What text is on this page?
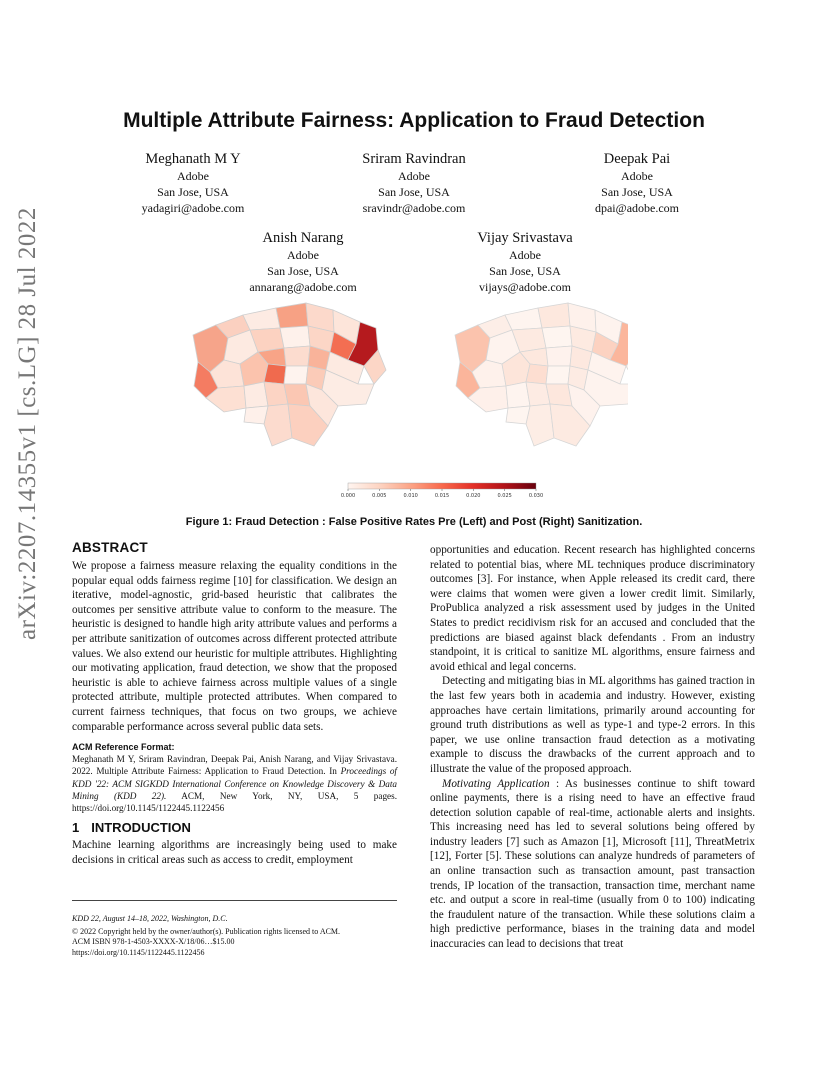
arXiv:2207.14355v1 [cs.LG] 28 Jul 2022
Multiple Attribute Fairness: Application to Fraud Detection
Meghanath M Y
Adobe
San Jose, USA
yadagiri@adobe.com
Sriram Ravindran
Adobe
San Jose, USA
sravindr@adobe.com
Deepak Pai
Adobe
San Jose, USA
dpai@adobe.com
Anish Narang
Adobe
San Jose, USA
annarang@adobe.com
Vijay Srivastava
Adobe
San Jose, USA
vijays@adobe.com
0.000	0.005	0.010	0.015	0.020	0.025	0.030
Figure 1: Fraud Detection : False Positive Rates Pre (Left) and Post (Right) Sanitization.
ABSTRACT

We propose a fairness measure relaxing the equality conditions in the popular equal odds fairness regime [10] for classification. We design an iterative, model-agnostic, grid-based heuristic that calibrates the outcomes per sensitive attribute value to conform to the measure. The heuristic is designed to handle high arity attribute values and performs a per attribute sanitization of outcomes across different protected attribute values. We also extend our heuristic for multiple attributes. Highlighting our motivating application, fraud detection, we show that the proposed heuristic is able to achieve fairness across multiple values of a single protected attribute, multiple protected attributes. When compared to current fairness techniques, that focus on two groups, we achieve comparable performance across several public data sets.

ACM Reference Format:

Meghanath M Y, Sriram Ravindran, Deepak Pai, Anish Narang, and Vijay Srivastava. 2022. Multiple Attribute Fairness: Application to Fraud Detection. In Proceedings of KDD '22: ACM SIGKDD International Conference on Knowledge Discovery & Data Mining (KDD 22). ACM, New York, NY, USA, 5 pages. https://doi.org/10.1145/1122445.1122456

1 INTRODUCTION

Machine learning algorithms are increasingly being used to make decisions in critical areas such as access to credit, employment

KDD 22, August 14–18, 2022, Washington, D.C.
© 2022 Copyright held by the owner/author(s). Publication rights licensed to ACM.
ACM ISBN 978-1-4503-XXXX-X/18/06…$15.00
https://doi.org/10.1145/1122445.1122456

opportunities and education. Recent research has highlighted concerns related to potential bias, where ML techniques produce discriminatory outcomes [3]. For instance, when Apple released its credit card, there were claims that women were given a lower credit limit. Similarly, ProPublica analyzed a risk assessment used by judges in the United States to predict recidivism risk for an accused and concluded that the predictions are biased against black defendants . From an industry standpoint, it is critical to sanitize ML algorithms, ensure fairness and avoid ethical and legal concerns.

Detecting and mitigating bias in ML algorithms has gained traction in the last few years both in academia and industry. However, existing approaches have certain limitations, primarily around accounting for ground truth distributions as well as type-1 and type-2 errors. In this paper, we use online transaction fraud detection as a motivating example to discuss the drawbacks of the current approach and to illustrate the value of the proposed approach.

Motivating Application : As businesses continue to shift toward online payments, there is a rising need to have an effective fraud detection solution capable of real-time, actionable alerts and insights. This increasing need has led to several solutions being offered by industry leaders [7] such as Amazon [1], Microsoft [11], ThreatMetrix [12], Forter [5]. These solutions can analyze hundreds of parameters of an online transaction such as transaction amount, past transaction trends, IP location of the transaction, transaction time, merchant name etc. and output a score in real-time (usually from 0 to 100) indicating the fraudulent nature of the transaction. While these solutions claim a high predictive performance, biases in the training data and model inaccuracies can lead to decisions that treat
